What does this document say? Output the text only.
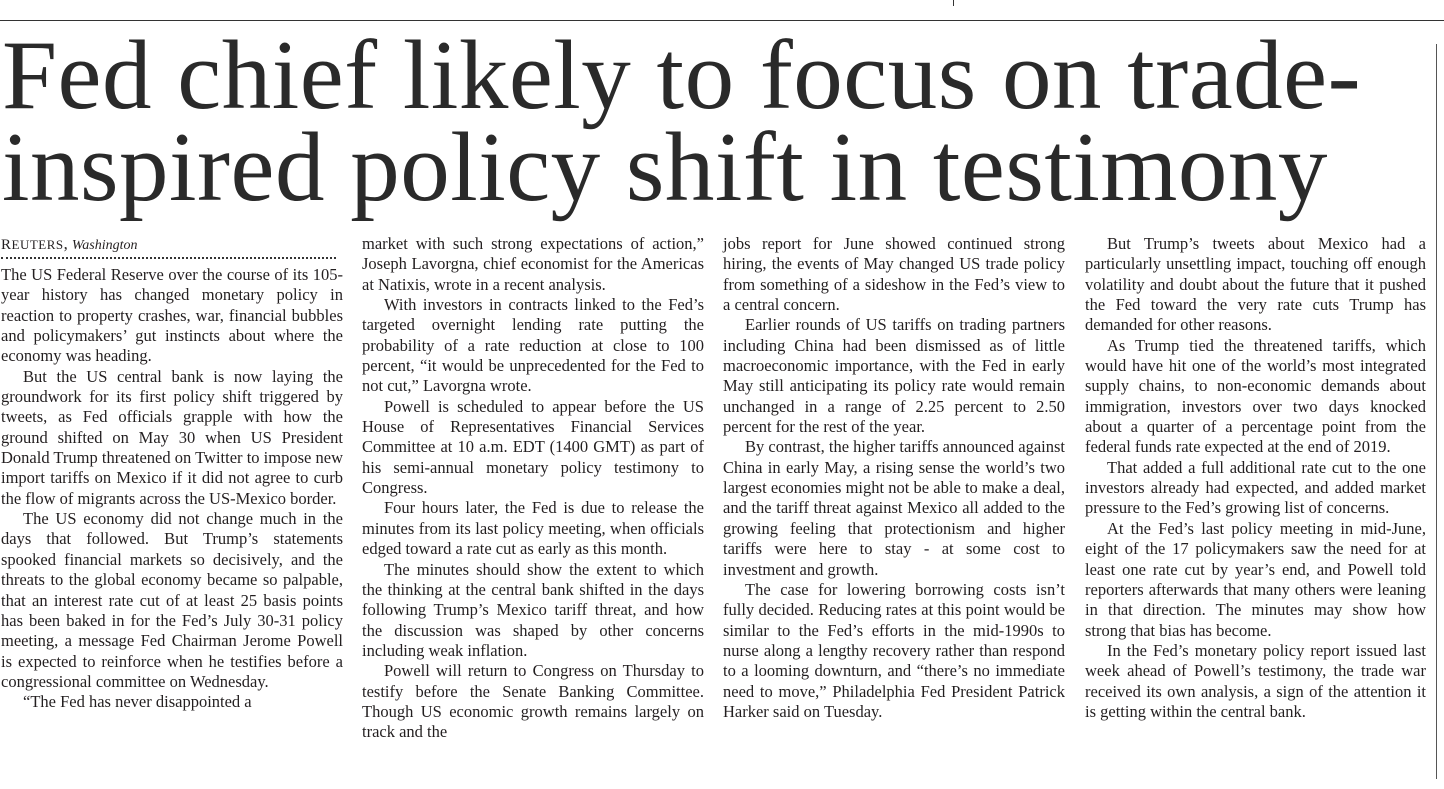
Fed chief likely to focus on trade-inspired policy shift in testimony
REUTERS, Washington

The US Federal Reserve over the course of its 105-year history has changed monetary policy in reaction to property crashes, war, financial bubbles and policymakers’ gut instincts about where the economy was heading.

But the US central bank is now laying the groundwork for its first policy shift triggered by tweets, as Fed officials grapple with how the ground shifted on May 30 when US President Donald Trump threatened on Twitter to impose new import tariffs on Mexico if it did not agree to curb the flow of migrants across the US-Mexico border.

The US economy did not change much in the days that followed. But Trump’s statements spooked financial markets so decisively, and the threats to the global economy became so palpable, that an interest rate cut of at least 25 basis points has been baked in for the Fed’s July 30-31 policy meeting, a message Fed Chairman Jerome Powell is expected to reinforce when he testifies before a congressional committee on Wednesday.

“The Fed has never disappointed a

market with such strong expectations of action,” Joseph Lavorgna, chief economist for the Americas at Natixis, wrote in a recent analysis.

With investors in contracts linked to the Fed’s targeted overnight lending rate putting the probability of a rate reduction at close to 100 percent, “it would be unprecedented for the Fed to not cut,” Lavorgna wrote.

Powell is scheduled to appear before the US House of Representatives Financial Services Committee at 10 a.m. EDT (1400 GMT) as part of his semi-annual monetary policy testimony to Congress.

Four hours later, the Fed is due to release the minutes from its last policy meeting, when officials edged toward a rate cut as early as this month.

The minutes should show the extent to which the thinking at the central bank shifted in the days following Trump’s Mexico tariff threat, and how the discussion was shaped by other concerns including weak inflation.

Powell will return to Congress on Thursday to testify before the Senate Banking Committee. Though US economic growth remains largely on track and the

jobs report for June showed continued strong hiring, the events of May changed US trade policy from something of a sideshow in the Fed’s view to a central concern.

Earlier rounds of US tariffs on trading partners including China had been dismissed as of little macroeconomic importance, with the Fed in early May still anticipating its policy rate would remain unchanged in a range of 2.25 percent to 2.50 percent for the rest of the year.

By contrast, the higher tariffs announced against China in early May, a rising sense the world’s two largest economies might not be able to make a deal, and the tariff threat against Mexico all added to the growing feeling that protectionism and higher tariffs were here to stay - at some cost to investment and growth.

The case for lowering borrowing costs isn’t fully decided. Reducing rates at this point would be similar to the Fed’s efforts in the mid-1990s to nurse along a lengthy recovery rather than respond to a looming downturn, and “there’s no immediate need to move,” Philadelphia Fed President Patrick Harker said on Tuesday.

But Trump’s tweets about Mexico had a particularly unsettling impact, touching off enough volatility and doubt about the future that it pushed the Fed toward the very rate cuts Trump has demanded for other reasons.

As Trump tied the threatened tariffs, which would have hit one of the world’s most integrated supply chains, to non-economic demands about immigration, investors over two days knocked about a quarter of a percentage point from the federal funds rate expected at the end of 2019.

That added a full additional rate cut to the one investors already had expected, and added market pressure to the Fed’s growing list of concerns.

At the Fed’s last policy meeting in mid-June, eight of the 17 policymakers saw the need for at least one rate cut by year’s end, and Powell told reporters afterwards that many others were leaning in that direction. The minutes may show how strong that bias has become.

In the Fed’s monetary policy report issued last week ahead of Powell’s testimony, the trade war received its own analysis, a sign of the attention it is getting within the central bank.
